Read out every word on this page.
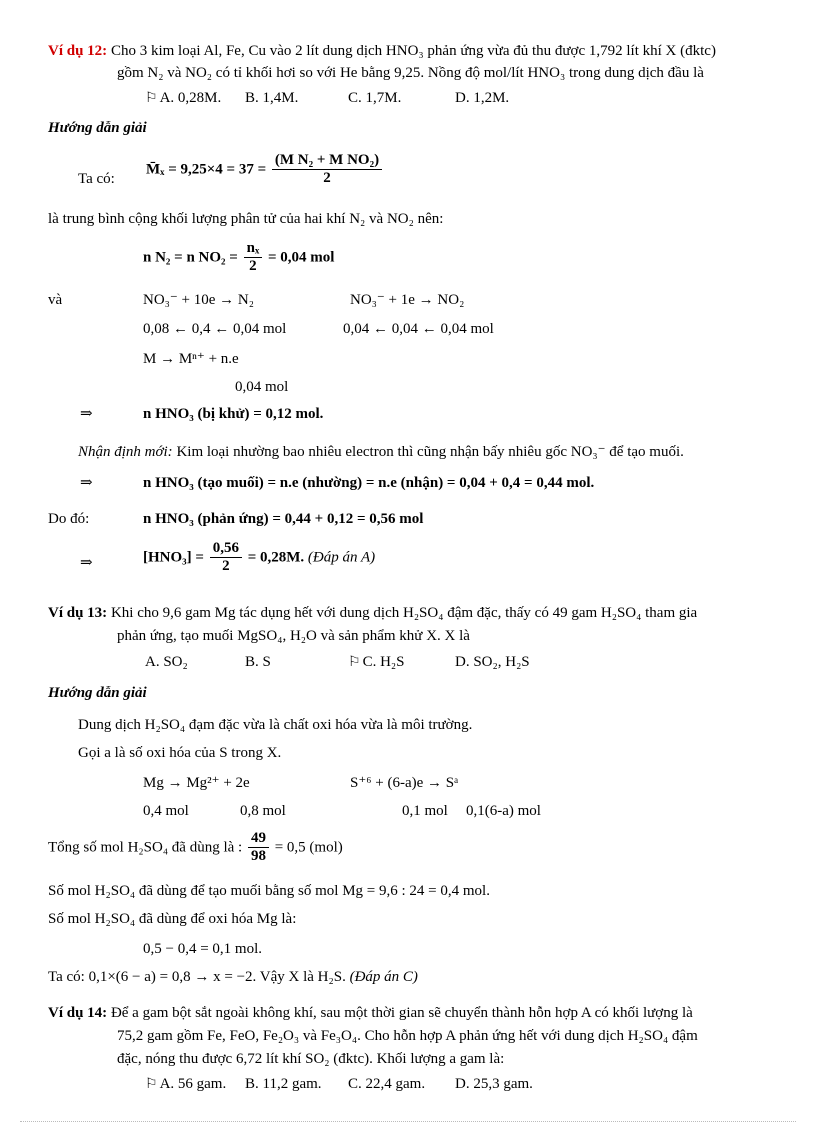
Ví dụ 12: Cho 3 kim loại Al, Fe, Cu vào 2 lít dung dịch HNO₃ phản ứng vừa đủ thu được 1,792 lít khí X (đktc)
gồm N₂ và NO₂ có tỉ khối hơi so với He bằng 9,25. Nồng độ mol/lít HNO₃ trong dung dịch đầu là
⚐ A. 0,28M. B. 1,4M.	C. 1,7M.	D. 1,2M.
Hướng dẫn giải
Ta có:
M̄ₓ = $9,25\times 4 = 37 = \frac{\text{(M N₂ + M NO₂)}}{2}$
là trung bình cộng khối lượng phân tử của hai khí N₂ và NO₂ nên:
n N₂ = n $NO_2 = \frac{\text{nₓ}}{2} = 0,04$ mol
và	NO₃⁻ + 10e → N₂	NO₃⁻ + 1e → NO₂
0,08 ← 0,4 ← 0,04 mol	0,04 ← 0,04 ← 0,04 mol
M → Mⁿ⁺ + n.e
0,04 mol
⇒	n HNO₃ (bị khử) = 0,12 mol.
Nhận định mới: Kim loại nhường bao nhiêu electron thì cũng nhận bấy nhiêu gốc NO₃⁻ để tạo muối.
⇒	n HNO₃ (tạo muối) = n.e (nhường) = n.e (nhận) = 0,04 + 0,4 = 0,44 mol.
Do đó:	n HNO₃ (phản ứng) = 0,44 + 0,12 = 0,56 mol
⇒	$[HNO_3] = \frac{0,56}{2} = 0,28M$. (Đáp án A)
Ví dụ 13: Khi cho 9,6 gam Mg tác dụng hết với dung dịch H₂SO₄ đậm đặc, thấy có 49 gam H₂SO₄ tham gia
phản ứng, tạo muối MgSO₄, H₂O và sản phẩm khử X. X là
A. SO₂	B. S	⚐ C. H₂S	D. SO₂, H₂S
Hướng dẫn giải
Dung dịch H₂SO₄ đạm đặc vừa là chất oxi hóa vừa là môi trường.
Gọi a là số oxi hóa của S trong X.
Mg → Mg²⁺ + 2e	S⁺⁶ + (6-a)e → Sᵃ
0,4 mol	0,8 mol	0,1 mol 0,1(6-a) mol
Tổng số mol H₂SO₄ đã dùng là : $\frac{49}{98} = 0,5$ (mol)
Số mol H₂SO₄ đã dùng để tạo muối bằng số mol Mg = 9,6 : 24 = 0,4 mol.
Số mol H₂SO₄ đã dùng để oxi hóa Mg là:
0,5 − 0,4 = 0,1 mol.
Ta có: 0,1×(6 − a) = 0,8 → x = −2. Vậy X là H₂S. (Đáp án C)
Ví dụ 14: Để a gam bột sắt ngoài không khí, sau một thời gian sẽ chuyển thành hỗn hợp A có khối lượng là
75,2 gam gồm Fe, FeO, Fe₂O₃ và Fe₃O₄. Cho hỗn hợp A phản ứng hết với dung dịch H₂SO₄ đậm
đặc, nóng thu được 6,72 lít khí SO₂ (đktc). Khối lượng a gam là:
⚐ A. 56 gam. B. 11,2 gam. C. 22,4 gam. D. 25,3 gam.
